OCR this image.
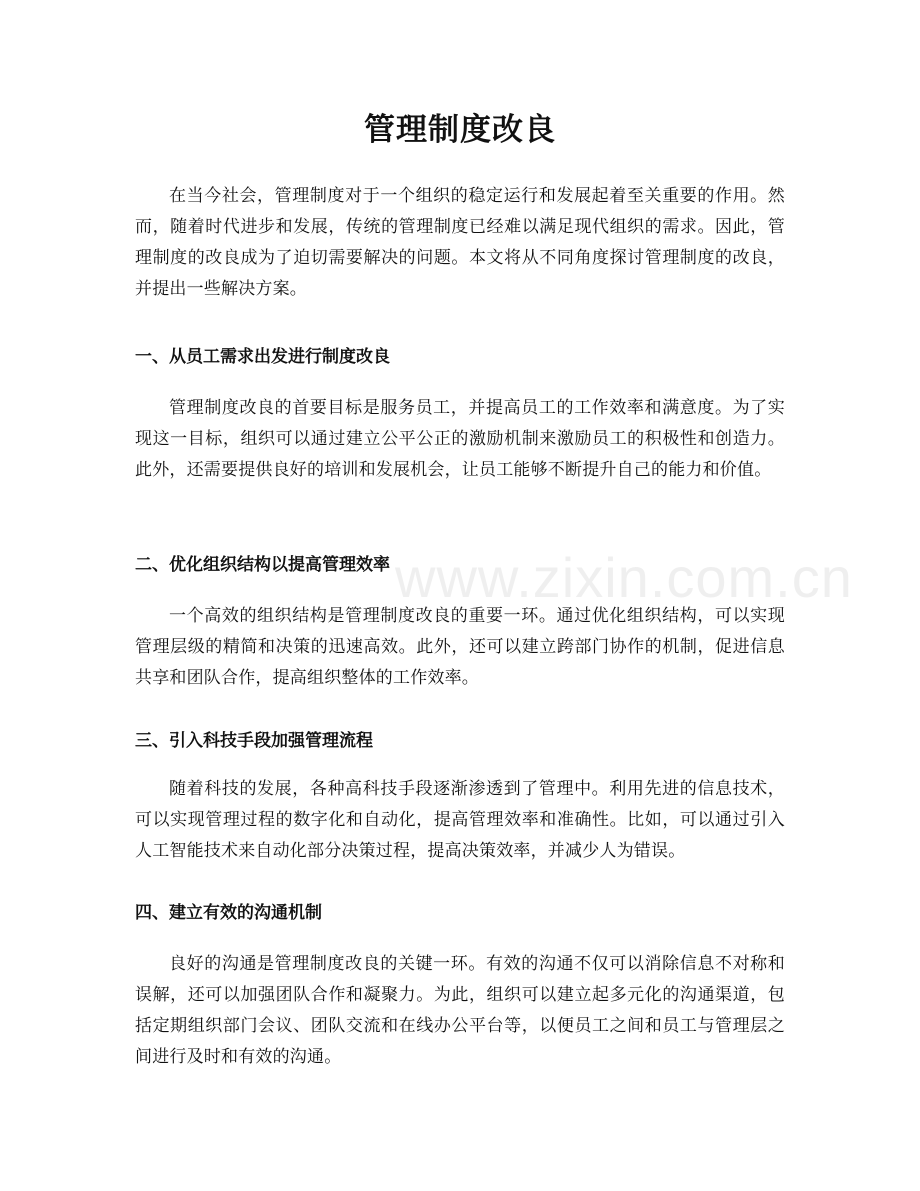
管理制度改良

在当今社会，管理制度对于一个组织的稳定运行和发展起着至关重要的作用。然而，随着时代进步和发展，传统的管理制度已经难以满足现代组织的需求。因此，管理制度的改良成为了迫切需要解决的问题。本文将从不同角度探讨管理制度的改良，并提出一些解决方案。

一、从员工需求出发进行制度改良

管理制度改良的首要目标是服务员工，并提高员工的工作效率和满意度。为了实现这一目标，组织可以通过建立公平公正的激励机制来激励员工的积极性和创造力。此外，还需要提供良好的培训和发展机会，让员工能够不断提升自己的能力和价值。

二、优化组织结构以提高管理效率

一个高效的组织结构是管理制度改良的重要一环。通过优化组织结构，可以实现管理层级的精简和决策的迅速高效。此外，还可以建立跨部门协作的机制，促进信息共享和团队合作，提高组织整体的工作效率。

三、引入科技手段加强管理流程

随着科技的发展，各种高科技手段逐渐渗透到了管理中。利用先进的信息技术，可以实现管理过程的数字化和自动化，提高管理效率和准确性。比如，可以通过引入人工智能技术来自动化部分决策过程，提高决策效率，并减少人为错误。

四、建立有效的沟通机制

良好的沟通是管理制度改良的关键一环。有效的沟通不仅可以消除信息不对称和误解，还可以加强团队合作和凝聚力。为此，组织可以建立起多元化的沟通渠道，包括定期组织部门会议、团队交流和在线办公平台等，以便员工之间和员工与管理层之间进行及时和有效的沟通。

www.zixin.com.cn
